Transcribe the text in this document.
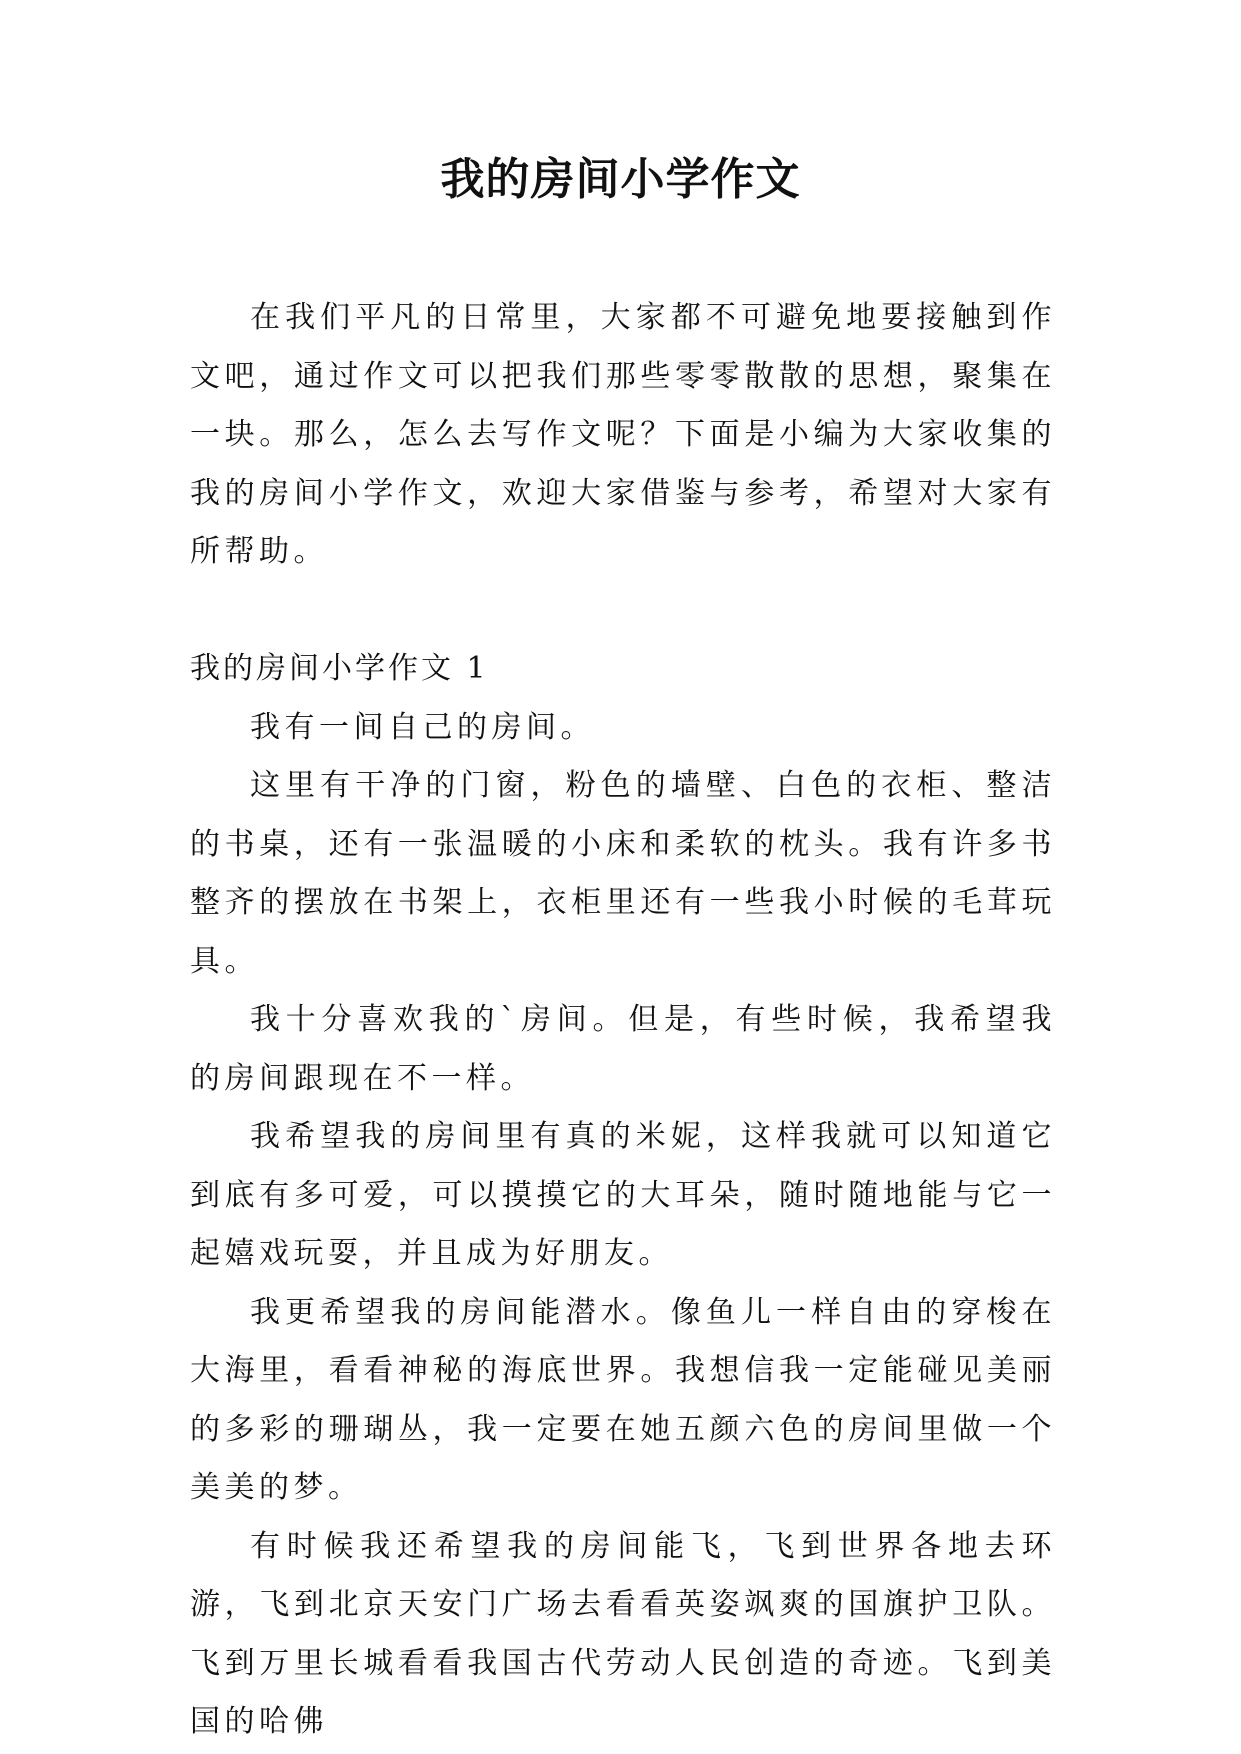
我的房间小学作文

在我们平凡的日常里，大家都不可避免地要接触到作文吧，通过作文可以把我们那些零零散散的思想，聚集在一块。那么，怎么去写作文呢？下面是小编为大家收集的我的房间小学作文，欢迎大家借鉴与参考，希望对大家有所帮助。

我的房间小学作文 1

我有一间自己的房间。

这里有干净的门窗，粉色的墙壁、白色的衣柜、整洁的书桌，还有一张温暖的小床和柔软的枕头。我有许多书整齐的摆放在书架上，衣柜里还有一些我小时候的毛茸玩具。

我十分喜欢我的`房间。但是，有些时候，我希望我的房间跟现在不一样。

我希望我的房间里有真的米妮，这样我就可以知道它到底有多可爱，可以摸摸它的大耳朵，随时随地能与它一起嬉戏玩耍，并且成为好朋友。

我更希望我的房间能潜水。像鱼儿一样自由的穿梭在大海里，看看神秘的海底世界。我想信我一定能碰见美丽的多彩的珊瑚丛，我一定要在她五颜六色的房间里做一个美美的梦。

有时候我还希望我的房间能飞，飞到世界各地去环游，飞到北京天安门广场去看看英姿飒爽的国旗护卫队。飞到万里长城看看我国古代劳动人民创造的奇迹。飞到美国的哈佛
